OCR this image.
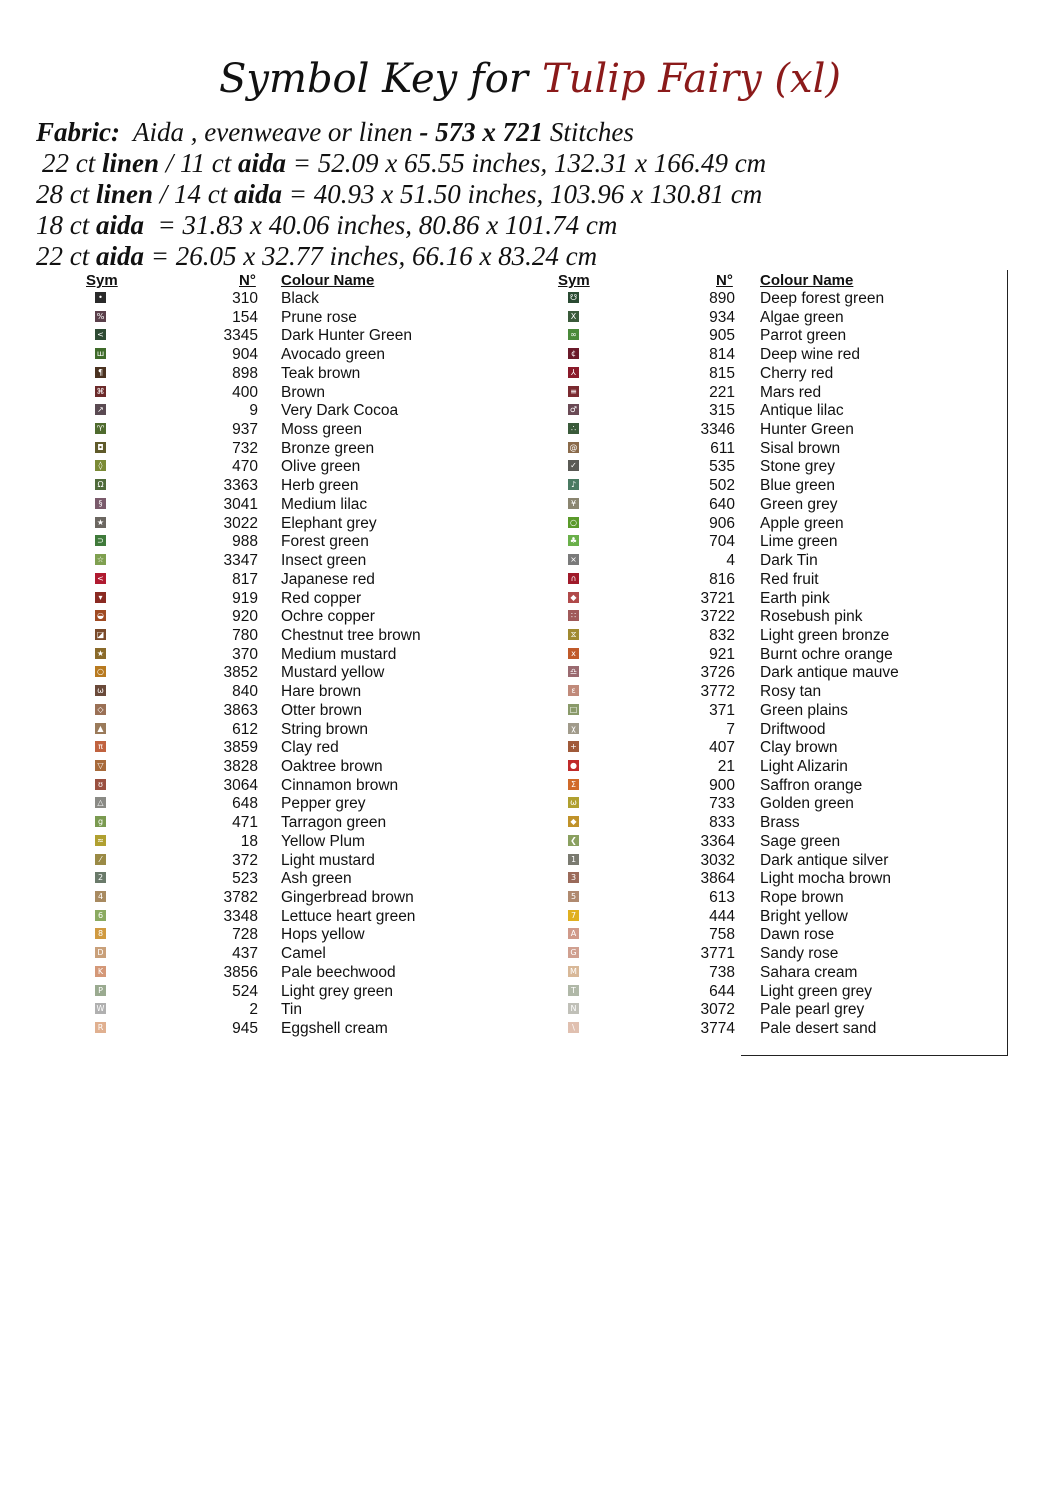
Symbol Key for Tulip Fairy (xl)
Fabric: Aida , evenweave or linen - 573 x 721 Stitches
22 ct linen / 11 ct aida = 52.09 x 65.55 inches, 132.31 x 166.49 cm
28 ct linen / 14 ct aida = 40.93 x 51.50 inches, 103.96 x 130.81 cm
18 ct aida = 31.83 x 40.06 inches, 80.86 x 101.74 cm
22 ct aida = 26.05 x 32.77 inches, 66.16 x 83.24 cm
Sym	N° Colour Name	Sym	N° Colour Name
•	310 Black
%	154 Prune rose
<	3345 Dark Hunter Green
ш	904 Avocado green
¶	898 Teak brown
⌘	400 Brown
↗	9 Very Dark Cocoa
♈	937 Moss green
◘	732 Bronze green
◊	470 Olive green
Ω	3363 Herb green
§	3041 Medium lilac
★	3022 Elephant grey
⊃	988 Forest green
☆	3347 Insect green
<	817 Japanese red
▾	919 Red copper
◒	920 Ochre copper
◪	780 Chestnut tree brown
★	370 Medium mustard
○	3852 Mustard yellow
ω	840 Hare brown
◇	3863 Otter brown
▲	612 String brown
π	3859 Clay red
▽	3828 Oaktree brown
ʊ	3064 Cinnamon brown
△	648 Pepper grey
g	471 Tarragon green
≈	18 Yellow Plum
⁄	372 Light mustard
2	523 Ash green
4	3782 Gingerbread brown
6	3348 Lettuce heart green
8	728 Hops yellow
D	437 Camel
K	3856 Pale beechwood
P	524 Light grey green
W	2 Tin
R	945 Eggshell cream
☋	890 Deep forest green
X	934 Algae green
∞	905 Parrot green
¢	814 Deep wine red
⅄	815 Cherry red
≡	221 Mars red
♂	315 Antique lilac
∴	3346 Hunter Green
@	611 Sisal brown
✓	535 Stone grey
♪	502 Blue green
¥	640 Green grey
○	906 Apple green
♣	704 Lime green
×	4 Dark Tin
∩	816 Red fruit
◆	3721 Earth pink
∷	3722 Rosebush pink
⧖	832 Light green bronze
x	921 Burnt ochre orange
♎	3726 Dark antique mauve
ε	3772 Rosy tan
□	371 Green plains
χ	7 Driftwood
+	407 Clay brown
●	21 Light Alizarin
Σ	900 Saffron orange
ω	733 Golden green
◆	833 Brass
❮	3364 Sage green
1	3032 Dark antique silver
3	3864 Light mocha brown
5	613 Rope brown
7	444 Bright yellow
A	758 Dawn rose
G	3771 Sandy rose
M	738 Sahara cream
T	644 Light green grey
N	3072 Pale pearl grey
\	3774 Pale desert sand
